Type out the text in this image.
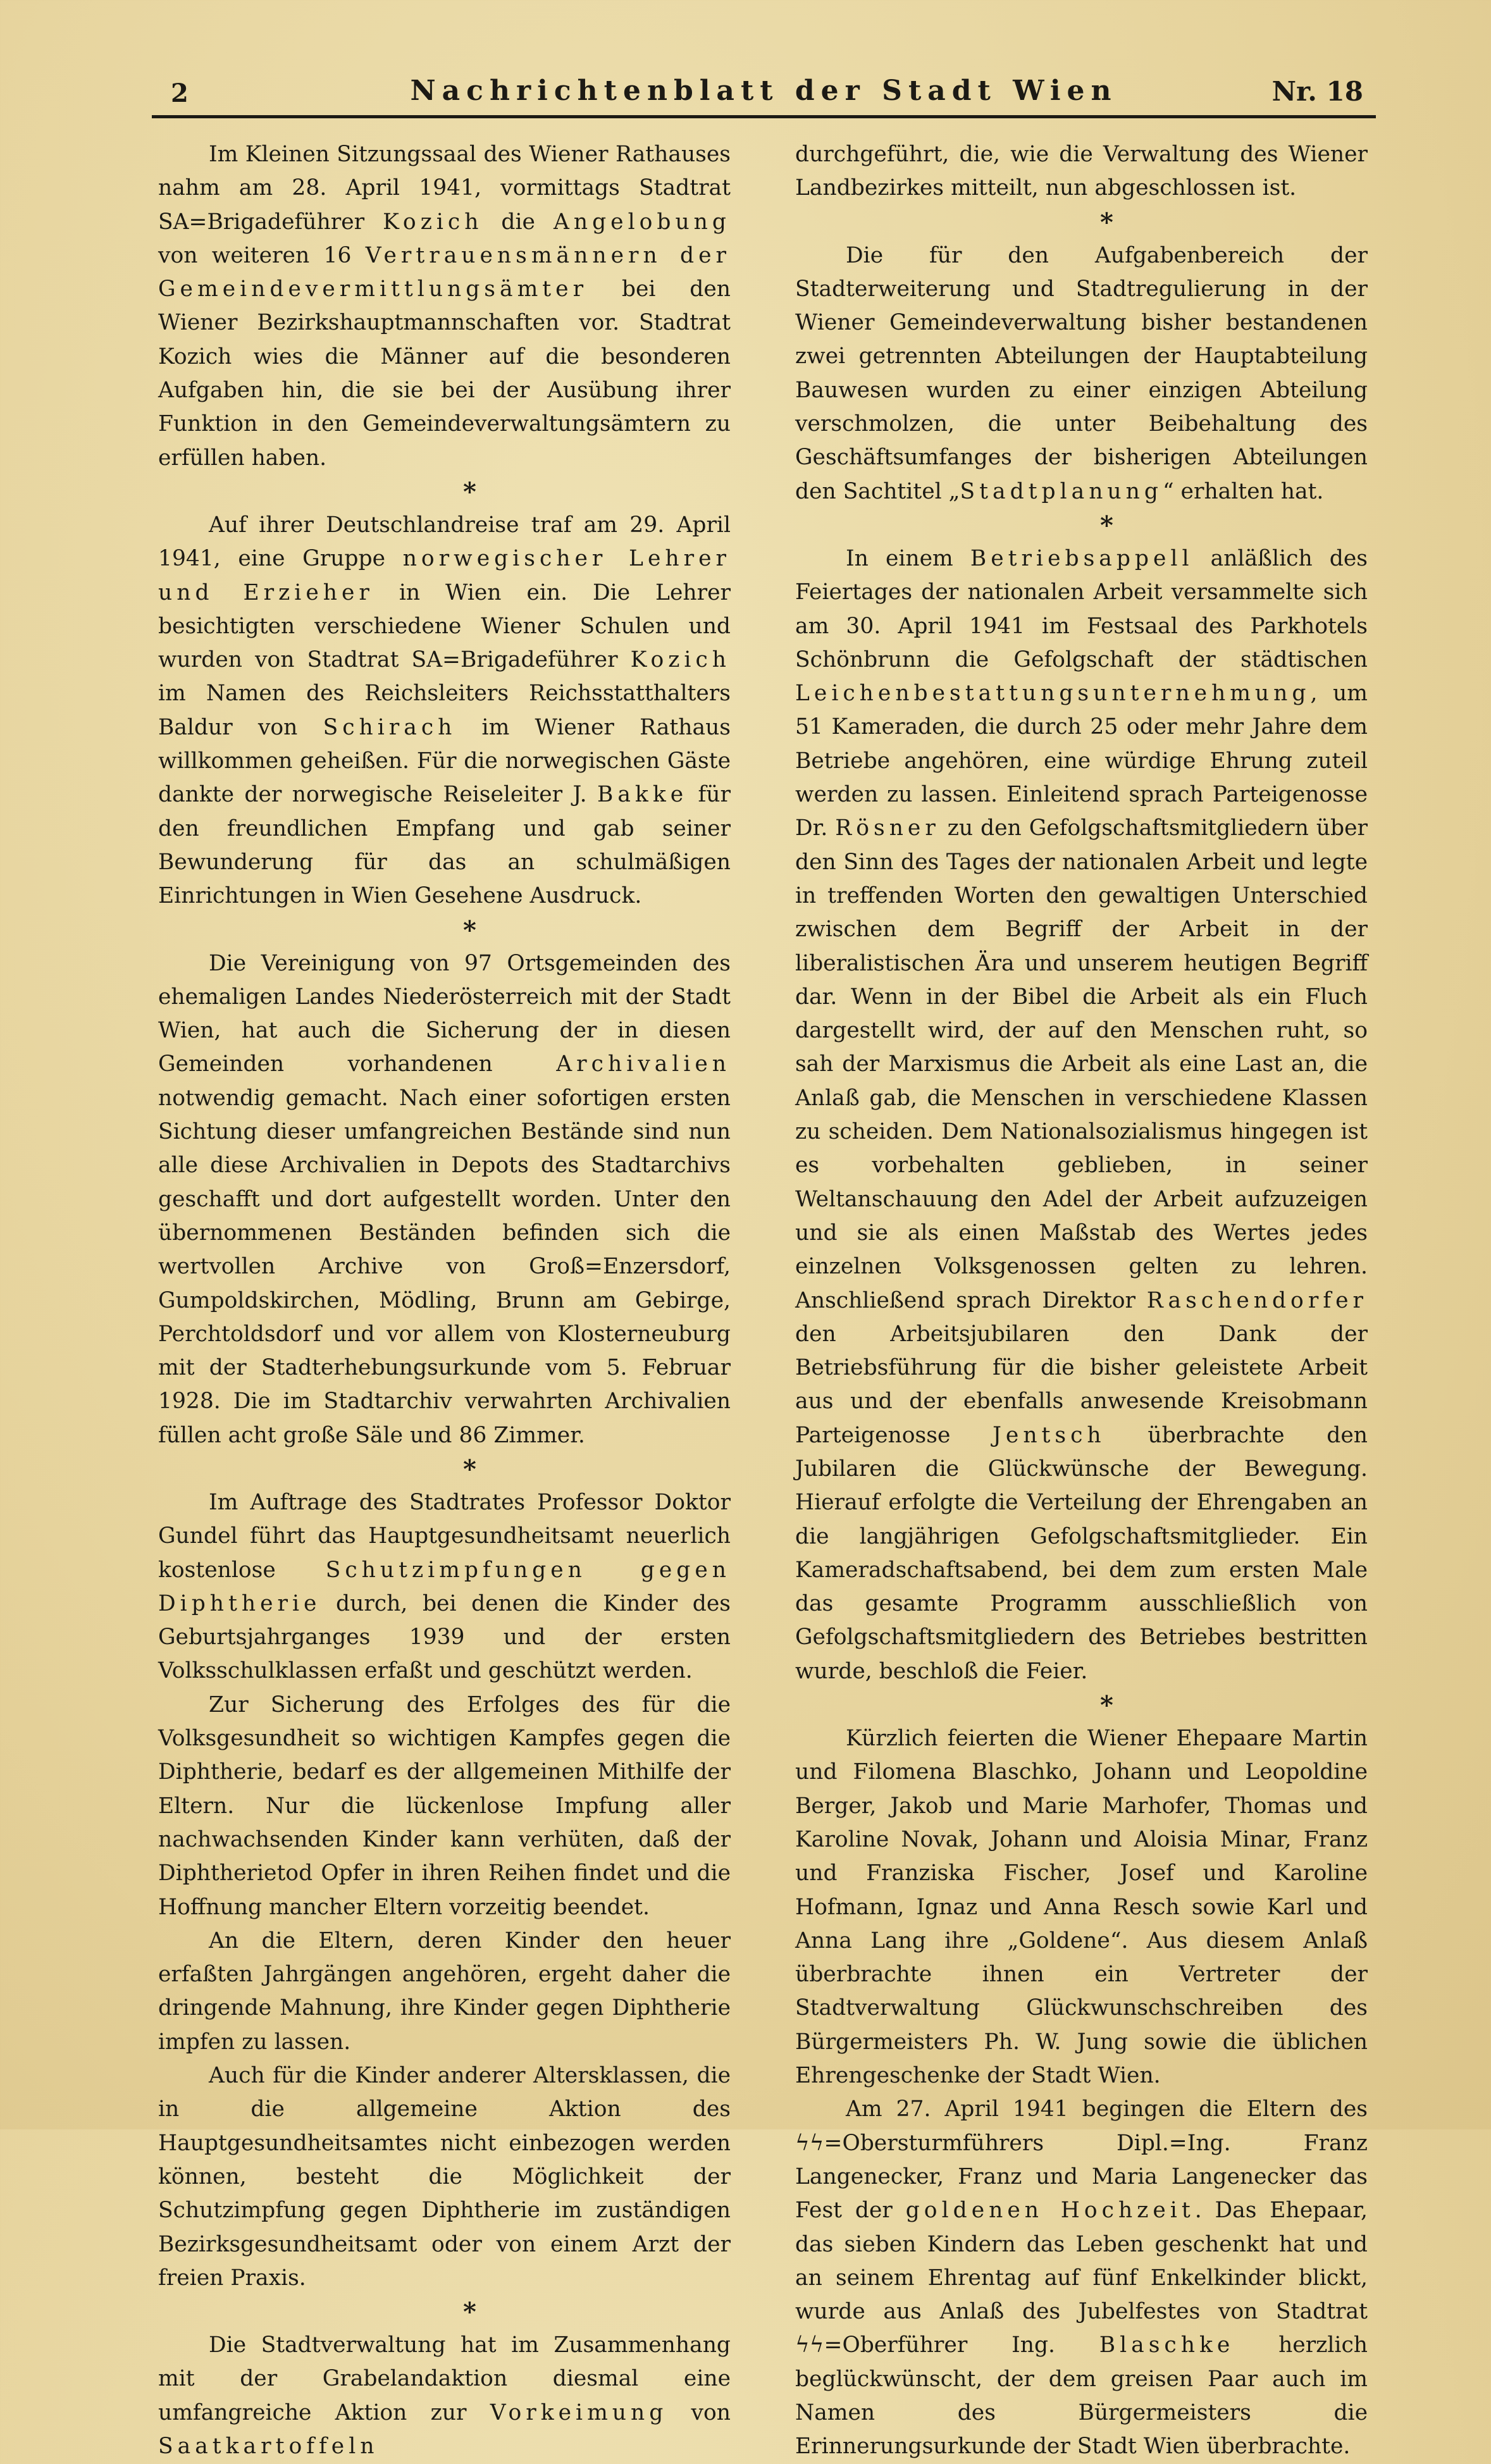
2	Nachrichtenblatt der Stadt Wien	Nr. 18

Im Kleinen Sitzungssaal des Wiener Rathauses nahm am 28. April 1941, vormittags Stadtrat SA=Brigadeführer Kozich die Angelobung von weiteren 16 Vertrauensmännern der Gemeindevermittlungsämter bei den Wiener Bezirkshauptmannschaften vor. Stadtrat Kozich wies die Männer auf die besonderen Aufgaben hin, die sie bei der Ausübung ihrer Funktion in den Gemeindeverwaltungsämtern zu erfüllen haben.

*

Auf ihrer Deutschlandreise traf am 29. April 1941, eine Gruppe norwegischer Lehrer und Erzieher in Wien ein. Die Lehrer besichtigten verschiedene Wiener Schulen und wurden von Stadtrat SA=Brigadeführer Kozich im Namen des Reichsleiters Reichsstatthalters Baldur von Schirach im Wiener Rathaus willkommen geheißen. Für die norwegischen Gäste dankte der norwegische Reiseleiter J. Bakke für den freundlichen Empfang und gab seiner Bewunderung für das an schulmäßigen Einrichtungen in Wien Gesehene Ausdruck.

*

Die Vereinigung von 97 Ortsgemeinden des ehemaligen Landes Niederösterreich mit der Stadt Wien, hat auch die Sicherung der in diesen Gemeinden vorhandenen Archivalien notwendig gemacht. Nach einer sofortigen ersten Sichtung dieser umfangreichen Bestände sind nun alle diese Archivalien in Depots des Stadtarchivs geschafft und dort aufgestellt worden. Unter den übernommenen Beständen befinden sich die wertvollen Archive von Groß=Enzersdorf, Gumpoldskirchen, Mödling, Brunn am Gebirge, Perchtoldsdorf und vor allem von Klosterneuburg mit der Stadterhebungsurkunde vom 5. Februar 1928. Die im Stadtarchiv verwahrten Archivalien füllen acht große Säle und 86 Zimmer.

*

Im Auftrage des Stadtrates Professor Doktor Gundel führt das Hauptgesundheitsamt neuerlich kostenlose Schutzimpfungen gegen Diphtherie durch, bei denen die Kinder des Geburtsjahrganges 1939 und der ersten Volksschulklassen erfaßt und geschützt werden.

Zur Sicherung des Erfolges des für die Volksgesundheit so wichtigen Kampfes gegen die Diphtherie, bedarf es der allgemeinen Mithilfe der Eltern. Nur die lückenlose Impfung aller nachwachsenden Kinder kann verhüten, daß der Diphtherietod Opfer in ihren Reihen findet und die Hoffnung mancher Eltern vorzeitig beendet.

An die Eltern, deren Kinder den heuer erfaßten Jahrgängen angehören, ergeht daher die dringende Mahnung, ihre Kinder gegen Diphtherie impfen zu lassen.

Auch für die Kinder anderer Altersklassen, die in die allgemeine Aktion des Hauptgesundheitsamtes nicht einbezogen werden können, besteht die Möglichkeit der Schutzimpfung gegen Diphtherie im zuständigen Bezirksgesundheitsamt oder von einem Arzt der freien Praxis.

*

Die Stadtverwaltung hat im Zusammenhang mit der Grabelandaktion diesmal eine umfangreiche Aktion zur Vorkeimung von Saatkartoffeln

durchgeführt, die, wie die Verwaltung des Wiener Landbezirkes mitteilt, nun abgeschlossen ist.

*

Die für den Aufgabenbereich der Stadterweiterung und Stadtregulierung in der Wiener Gemeindeverwaltung bisher bestandenen zwei getrennten Abteilungen der Hauptabteilung Bauwesen wurden zu einer einzigen Abteilung verschmolzen, die unter Beibehaltung des Geschäftsumfanges der bisherigen Abteilungen den Sachtitel „Stadtplanung“ erhalten hat.

*

In einem Betriebsappell anläßlich des Feiertages der nationalen Arbeit versammelte sich am 30. April 1941 im Festsaal des Parkhotels Schönbrunn die Gefolgschaft der städtischen Leichenbestattungsunternehmung, um 51 Kameraden, die durch 25 oder mehr Jahre dem Betriebe angehören, eine würdige Ehrung zuteil werden zu lassen. Einleitend sprach Parteigenosse Dr. Rösner zu den Gefolgschaftsmitgliedern über den Sinn des Tages der nationalen Arbeit und legte in treffenden Worten den gewaltigen Unterschied zwischen dem Begriff der Arbeit in der liberalistischen Ära und unserem heutigen Begriff dar. Wenn in der Bibel die Arbeit als ein Fluch dargestellt wird, der auf den Menschen ruht, so sah der Marxismus die Arbeit als eine Last an, die Anlaß gab, die Menschen in verschiedene Klassen zu scheiden. Dem Nationalsozialismus hingegen ist es vorbehalten geblieben, in seiner Weltanschauung den Adel der Arbeit aufzuzeigen und sie als einen Maßstab des Wertes jedes einzelnen Volksgenossen gelten zu lehren. Anschließend sprach Direktor Raschendorfer den Arbeitsjubilaren den Dank der Betriebsführung für die bisher geleistete Arbeit aus und der ebenfalls anwesende Kreisobmann Parteigenosse Jentsch überbrachte den Jubilaren die Glückwünsche der Bewegung. Hierauf erfolgte die Verteilung der Ehrengaben an die langjährigen Gefolgschaftsmitglieder. Ein Kameradschaftsabend, bei dem zum ersten Male das gesamte Programm ausschließlich von Gefolgschaftsmitgliedern des Betriebes bestritten wurde, beschloß die Feier.

*

Kürzlich feierten die Wiener Ehepaare Martin und Filomena Blaschko, Johann und Leopoldine Berger, Jakob und Marie Marhofer, Thomas und Karoline Novak, Johann und Aloisia Minar, Franz und Franziska Fischer, Josef und Karoline Hofmann, Ignaz und Anna Resch sowie Karl und Anna Lang ihre „Goldene“. Aus diesem Anlaß überbrachte ihnen ein Vertreter der Stadtverwaltung Glückwunschschreiben des Bürgermeisters Ph. W. Jung sowie die üblichen Ehrengeschenke der Stadt Wien.

Am 27. April 1941 begingen die Eltern des ϟϟ=Obersturmführers Dipl.=Ing. Franz Langenecker, Franz und Maria Langenecker das Fest der goldenen Hochzeit. Das Ehepaar, das sieben Kindern das Leben geschenkt hat und an seinem Ehrentag auf fünf Enkelkinder blickt, wurde aus Anlaß des Jubelfestes von Stadtrat ϟϟ=Oberführer Ing. Blaschke herzlich beglückwünscht, der dem greisen Paar auch im Namen des Bürgermeisters die Erinnerungsurkunde der Stadt Wien überbrachte.
